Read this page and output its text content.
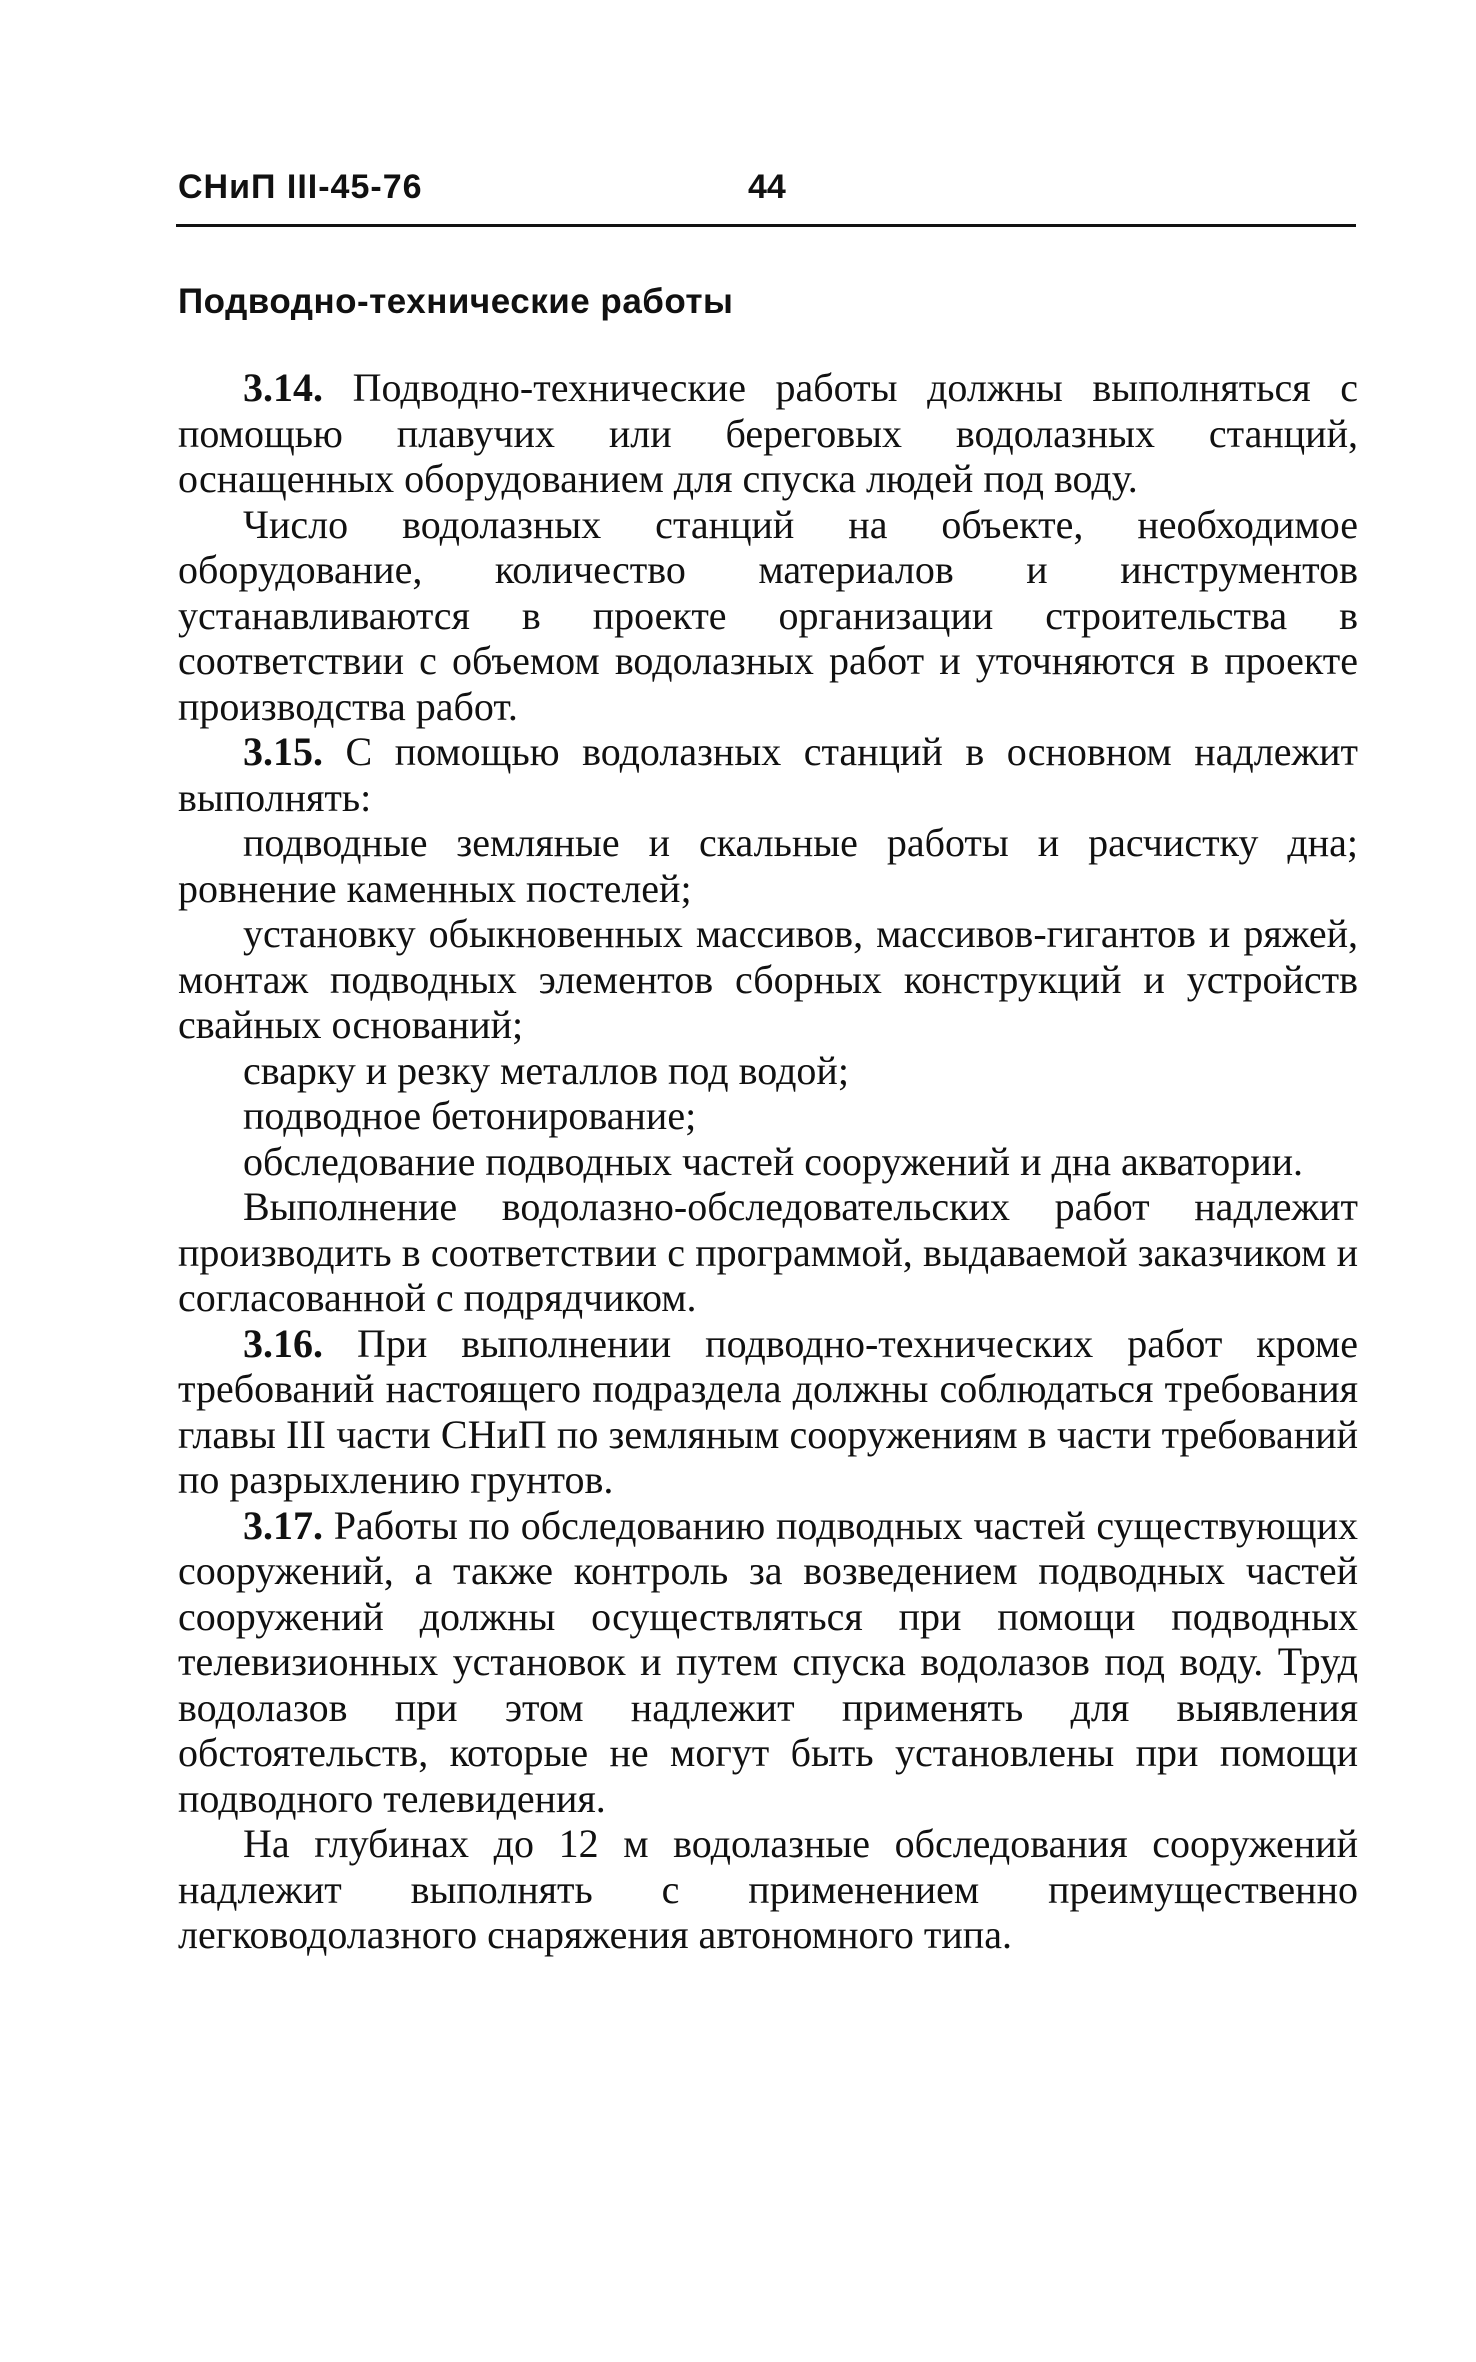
СНиП III-45-76	44
Подводно-технические работы

3.14. Подводно-технические работы должны выполняться с помощью плавучих или береговых водолазных станций, оснащенных оборудованием для спуска людей под воду.

Число водолазных станций на объекте, необходимое оборудование, количество материалов и инструментов устанавливаются в проекте организации строительства в соответствии с объемом водолазных работ и уточняются в проекте производства работ.

3.15. С помощью водолазных станций в основном надлежит выполнять:

подводные земляные и скальные работы и расчистку дна; ровнение каменных постелей;

установку обыкновенных массивов, массивов-гигантов и ряжей, монтаж подводных элементов сборных конструкций и устройств свайных оснований;

сварку и резку металлов под водой;

подводное бетонирование;

обследование подводных частей сооружений и дна акватории.

Выполнение водолазно-обследовательских работ надлежит производить в соответствии с программой, выдаваемой заказчиком и согласованной с подрядчиком.

3.16. При выполнении подводно-технических работ кроме требований настоящего подраздела должны соблюдаться требования главы III части СНиП по земляным сооружениям в части требований по разрыхлению грунтов.

3.17. Работы по обследованию подводных частей существующих сооружений, а также контроль за возведением подводных частей сооружений должны осуществляться при помощи подводных телевизионных установок и путем спуска водолазов под воду. Труд водолазов при этом надлежит применять для выявления обстоятельств, которые не могут быть установлены при помощи подводного телевидения.

На глубинах до 12 м водолазные обследования сооружений надлежит выполнять с применением преимущественно легководолазного снаряжения автономного типа.
